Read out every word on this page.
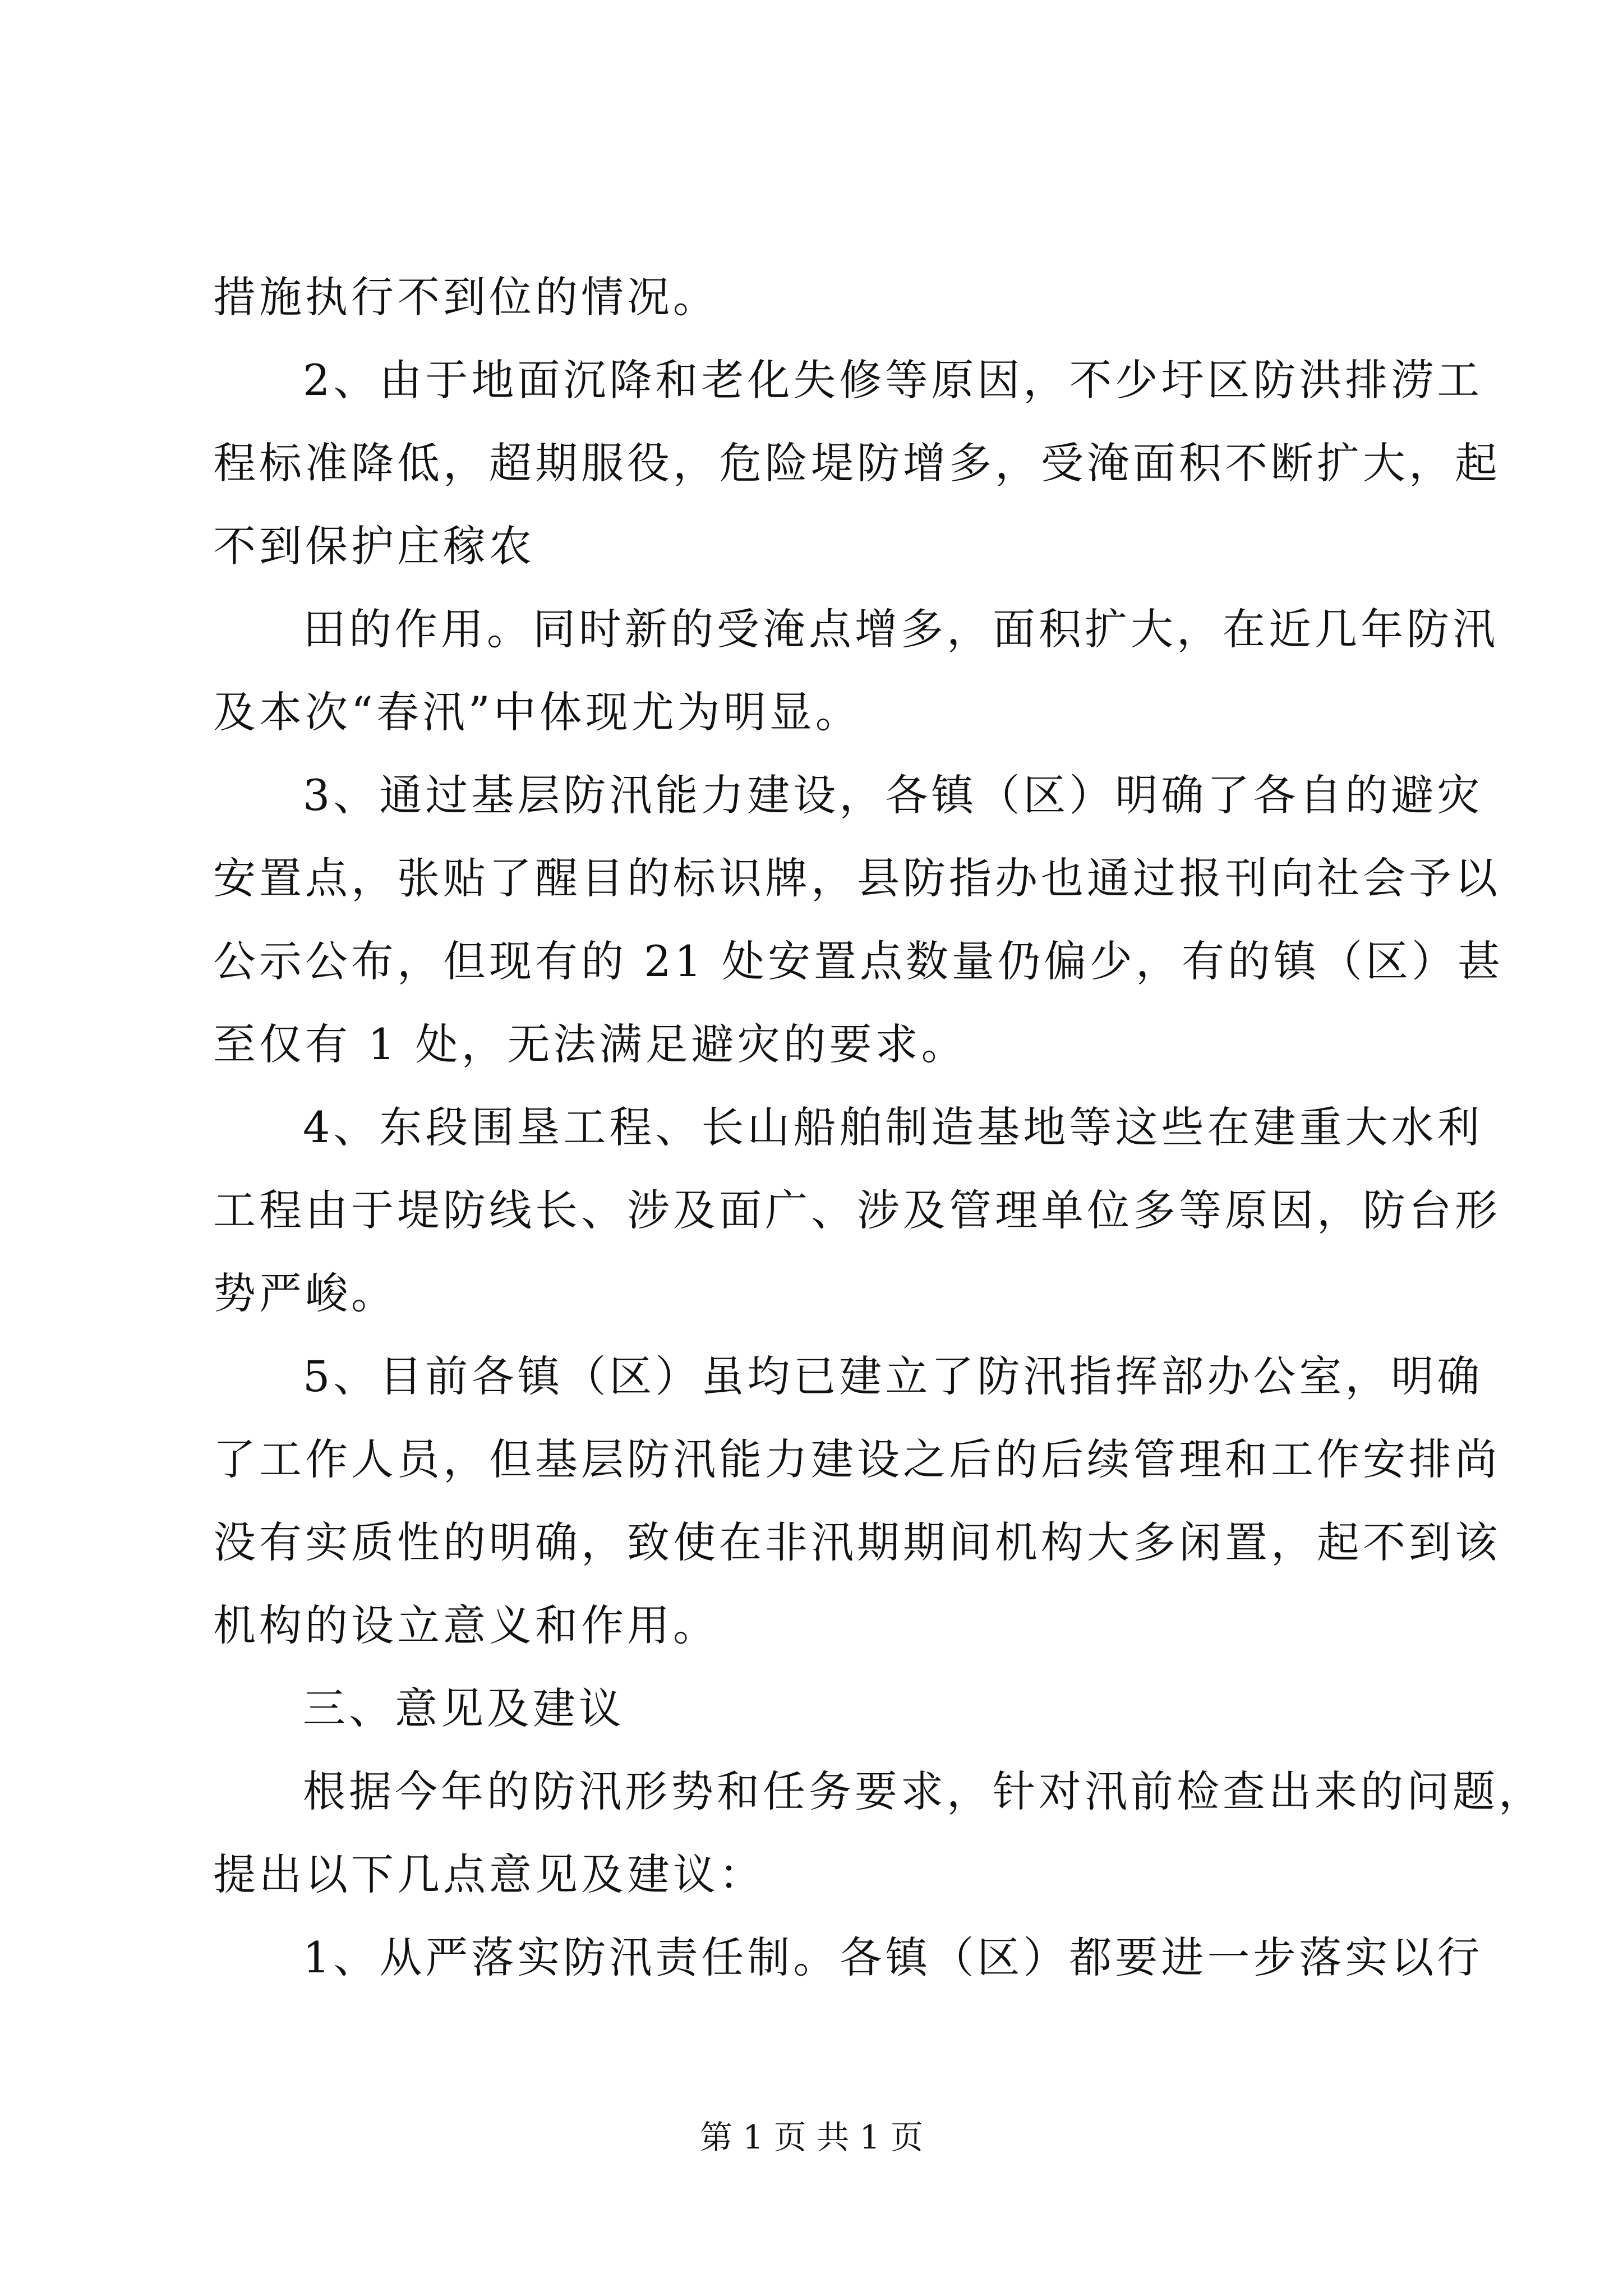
措施执行不到位的情况。
2、由于地面沉降和老化失修等原因，不少圩区防洪排涝工
程标准降低，超期服役，危险堤防增多，受淹面积不断扩大，起
不到保护庄稼农
田的作用。同时新的受淹点增多，面积扩大，在近几年防汛
及本次“春汛”中体现尤为明显。
3、通过基层防汛能力建设，各镇（区）明确了各自的避灾
安置点，张贴了醒目的标识牌，县防指办也通过报刊向社会予以
公示公布，但现有的 21 处安置点数量仍偏少，有的镇（区）甚
至仅有 1 处，无法满足避灾的要求。
4、东段围垦工程、长山船舶制造基地等这些在建重大水利
工程由于堤防线长、涉及面广、涉及管理单位多等原因，防台形
势严峻。
5、目前各镇（区）虽均已建立了防汛指挥部办公室，明确
了工作人员，但基层防汛能力建设之后的后续管理和工作安排尚
没有实质性的明确，致使在非汛期期间机构大多闲置，起不到该
机构的设立意义和作用。
三、意见及建议
根据今年的防汛形势和任务要求，针对汛前检查出来的问题，
提出以下几点意见及建议：
1、从严落实防汛责任制。各镇（区）都要进一步落实以行
第 1 页 共 1 页
